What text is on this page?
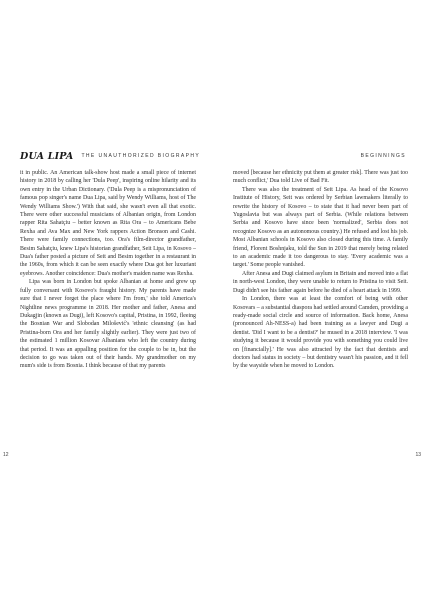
DUA LIPA THE UNAUTHORIZED BIOGRAPHY

it in public. An American talk-show host made a small piece of internet history in 2018 by calling her 'Dula Peep', inspiring online hilarity and its own entry in the Urban Dictionary. ('Dula Peep is a mispronunciation of famous pop singer's name Dua Lipa, said by Wendy Williams, host of The Wendy Williams Show.') With that said, she wasn't even all that exotic. There were other successful musicians of Albanian origin, from London rapper Rita Sahatçiu – better known as Rita Ora – to Americans Bebe Rexha and Ava Max and New York rappers Action Bronson and Cashi. There were family connections, too. Ora's film-director grandfather, Besim Sahatçiu, knew Lipa's historian grandfather, Seit Lipa, in Kosovo – Dua's father posted a picture of Seit and Besim together in a restaurant in the 1960s, from which it can be seen exactly where Dua got her luxuriant eyebrows. Another coincidence: Dua's mother's maiden name was Rexha.

Lipa was born in London but spoke Albanian at home and grew up fully conversant with Kosovo's fraught history. My parents have made sure that I never forget the place where I'm from,' she told America's Nightline news programme in 2018. Her mother and father, Anesa and Dukagjin (known as Dugi), left Kosovo's capital, Pristina, in 1992, fleeing the Bosnian War and Slobodan Milošević's 'ethnic cleansing' (as had Pristina-born Ora and her family slightly earlier). They were just two of the estimated 1 million Kosovar Albanians who left the country during that period. It was an appalling position for the couple to be in, but the decision to go was taken out of their hands. My grandmother on my mum's side is from Bosnia. I think because of that my parents

12
BEGINNINGS

moved [because her ethnicity put them at greater risk]. There was just too much conflict,' Dua told Live of Bad Fit.

There was also the treatment of Seit Lipa. As head of the Kosovo Institute of History, Seit was ordered by Serbian lawmakers literally to rewrite the history of Kosovo – to state that it had never been part of Yugoslavia but was always part of Serbia. (While relations between Serbia and Kosovo have since been 'normalized', Serbia does not recognize Kosovo as an autonomous country.) He refused and lost his job. Most Albanian schools in Kosovo also closed during this time. A family friend, Florent Boshnjaku, told the Sun in 2019 that merely being related to an academic made it too dangerous to stay. 'Every academic was a target.' Some people vanished.

After Anesa and Dugi claimed asylum in Britain and moved into a flat in north-west London, they were unable to return to Pristina to visit Seit. Dugi didn't see his father again before he died of a heart attack in 1999.

In London, there was at least the comfort of being with other Kosovars – a substantial diaspora had settled around Camden, providing a ready-made social circle and source of information. Back home, Anesa (pronounced Ah-NESS-a) had been training as a lawyer and Dugi a dentist. 'Did I want to be a dentist?' he mused in a 2018 interview. 'I was studying it because it would provide you with something you could live on [financially].' He was also attracted by the fact that dentists and doctors had status in society – but dentistry wasn't his passion, and it fell by the wayside when he moved to London.

13
